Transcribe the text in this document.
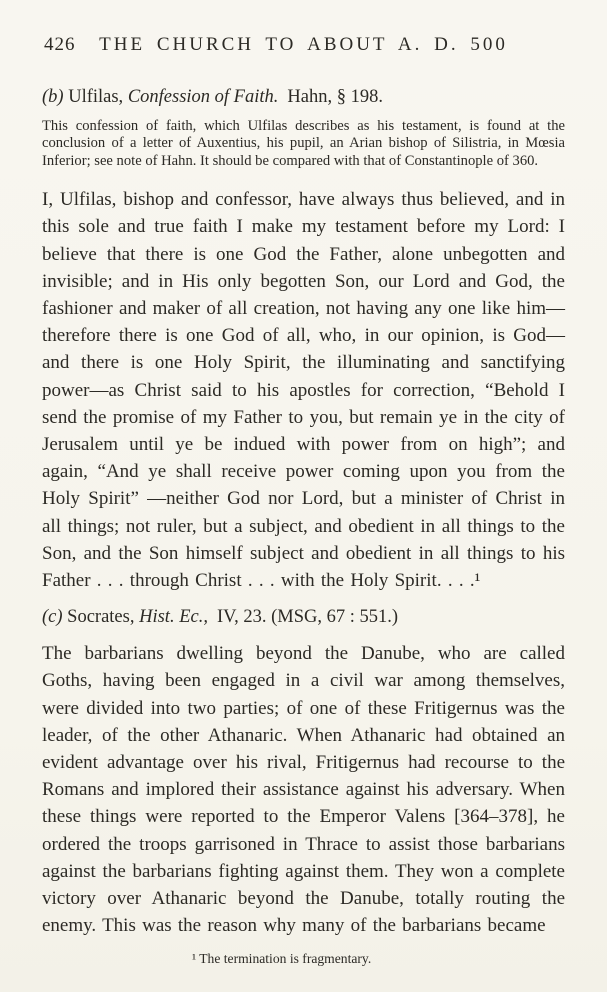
426	THE CHURCH TO ABOUT A. D. 500

(b) Ulfilas, Confession of Faith. Hahn, § 198.

This confession of faith, which Ulfilas describes as his testament, is found at the conclusion of a letter of Auxentius, his pupil, an Arian bishop of Silistria, in Mœsia Inferior; see note of Hahn. It should be compared with that of Constantinople of 360.

I, Ulfilas, bishop and confessor, have always thus believed, and in this sole and true faith I make my testament before my Lord: I believe that there is one God the Father, alone unbegotten and invisible; and in His only begotten Son, our Lord and God, the fashioner and maker of all creation, not having any one like him—therefore there is one God of all, who, in our opinion, is God—and there is one Holy Spirit, the illuminating and sanctifying power—as Christ said to his apostles for correction, “Behold I send the promise of my Father to you, but remain ye in the city of Jerusalem until ye be indued with power from on high”; and again, “And ye shall receive power coming upon you from the Holy Spirit” —neither God nor Lord, but a minister of Christ in all things; not ruler, but a subject, and obedient in all things to the Son, and the Son himself subject and obedient in all things to his Father . . . through Christ . . . with the Holy Spirit. . . .¹

(c) Socrates, Hist. Ec., IV, 23. (MSG, 67 : 551.)

The barbarians dwelling beyond the Danube, who are called Goths, having been engaged in a civil war among themselves, were divided into two parties; of one of these Fritigernus was the leader, of the other Athanaric. When Athanaric had obtained an evident advantage over his rival, Fritigernus had recourse to the Romans and implored their assistance against his adversary. When these things were reported to the Emperor Valens [364–378], he ordered the troops garrisoned in Thrace to assist those barbarians against the barbarians fighting against them. They won a complete victory over Athanaric beyond the Danube, totally routing the enemy. This was the reason why many of the barbarians became

¹ The termination is fragmentary.
